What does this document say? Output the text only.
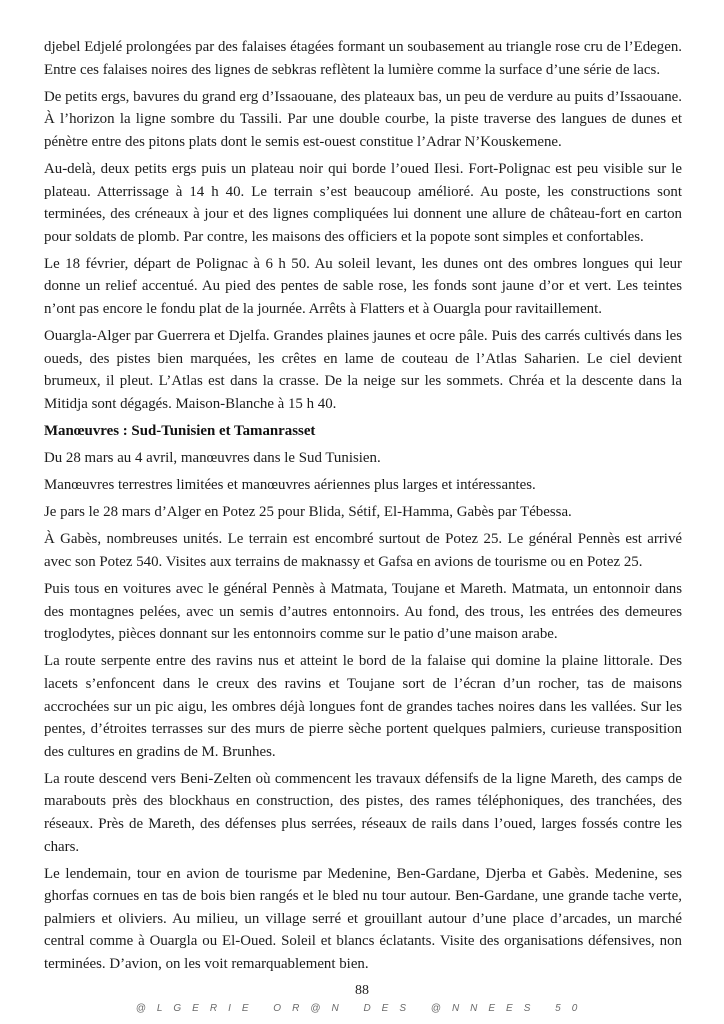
djebel Edjelé prolongées par des falaises étagées formant un soubasement au triangle rose cru de l’Edegen. Entre ces falaises noires des lignes de sebkras reflètent la lumière comme la surface d’une série de lacs.

De petits ergs, bavures du grand erg d’Issaouane, des plateaux bas, un peu de verdure au puits d’Issaouane. À l’horizon la ligne sombre du Tassili. Par une double courbe, la piste traverse des langues de dunes et pénètre entre des pitons plats dont le semis est-ouest constitue l’Adrar N’Kouskemene.

Au-delà, deux petits ergs puis un plateau noir qui borde l’oued Ilesi. Fort-Polignac est peu visible sur le plateau. Atterrissage à 14 h 40. Le terrain s’est beaucoup amélioré. Au poste, les constructions sont terminées, des créneaux à jour et des lignes compliquées lui donnent une allure de château-fort en carton pour soldats de plomb. Par contre, les maisons des officiers et la popote sont simples et confortables.

Le 18 février, départ de Polignac à 6 h 50. Au soleil levant, les dunes ont des ombres longues qui leur donne un relief accentué. Au pied des pentes de sable rose, les fonds sont jaune d’or et vert. Les teintes n’ont pas encore le fondu plat de la journée. Arrêts à Flatters et à Ouargla pour ravitaillement.

Ouargla-Alger par Guerrera et Djelfa. Grandes plaines jaunes et ocre pâle. Puis des carrés cultivés dans les oueds, des pistes bien marquées, les crêtes en lame de couteau de l’Atlas Saharien. Le ciel devient brumeux, il pleut. L’Atlas est dans la crasse. De la neige sur les sommets. Chréa et la descente dans la Mitidja sont dégagés. Maison-Blanche à 15 h 40.

Manœuvres : Sud-Tunisien et Tamanrasset

Du 28 mars au 4 avril, manœuvres dans le Sud Tunisien.

Manœuvres terrestres limitées et manœuvres aériennes plus larges et intéressantes.

Je pars le 28 mars d’Alger en Potez 25 pour Blida, Sétif, El-Hamma, Gabès par Tébessa.

À Gabès, nombreuses unités. Le terrain est encombré surtout de Potez 25. Le général Pennès est arrivé avec son Potez 540. Visites aux terrains de maknassy et Gafsa en avions de tourisme ou en Potez 25.

Puis tous en voitures avec le général Pennès à Matmata, Toujane et Mareth. Matmata, un entonnoir dans des montagnes pelées, avec un semis d’autres entonnoirs. Au fond, des trous, les entrées des demeures troglodytes, pièces donnant sur les entonnoirs comme sur le patio d’une maison arabe.

La route serpente entre des ravins nus et atteint le bord de la falaise qui domine la plaine littorale. Des lacets s’enfoncent dans le creux des ravins et Toujane sort de l’écran d’un rocher, tas de maisons accrochées sur un pic aigu, les ombres déjà longues font de grandes taches noires dans les vallées. Sur les pentes, d’étroites terrasses sur des murs de pierre sèche portent quelques palmiers, curieuse transposition des cultures en gradins de M. Brunhes.

La route descend vers Beni-Zelten où commencent les travaux défensifs de la ligne Mareth, des camps de marabouts près des blockhaus en construction, des pistes, des rames téléphoniques, des tranchées, des réseaux. Près de Mareth, des défenses plus serrées, réseaux de rails dans l’oued, larges fossés contre les chars.

Le lendemain, tour en avion de tourisme par Medenine, Ben-Gardane, Djerba et Gabès. Medenine, ses ghorfas cornues en tas de bois bien rangés et le bled nu tour autour. Ben-Gardane, une grande tache verte, palmiers et oliviers. Au milieu, un village serré et grouillant autour d’une place d’arcades, un marché central comme à Ouargla ou El-Oued. Soleil et blancs éclatants. Visite des organisations défensives, non terminées. D’avion, on les voit remarquablement bien.

88
@LGERIE OR@N DES @NNEES 50
